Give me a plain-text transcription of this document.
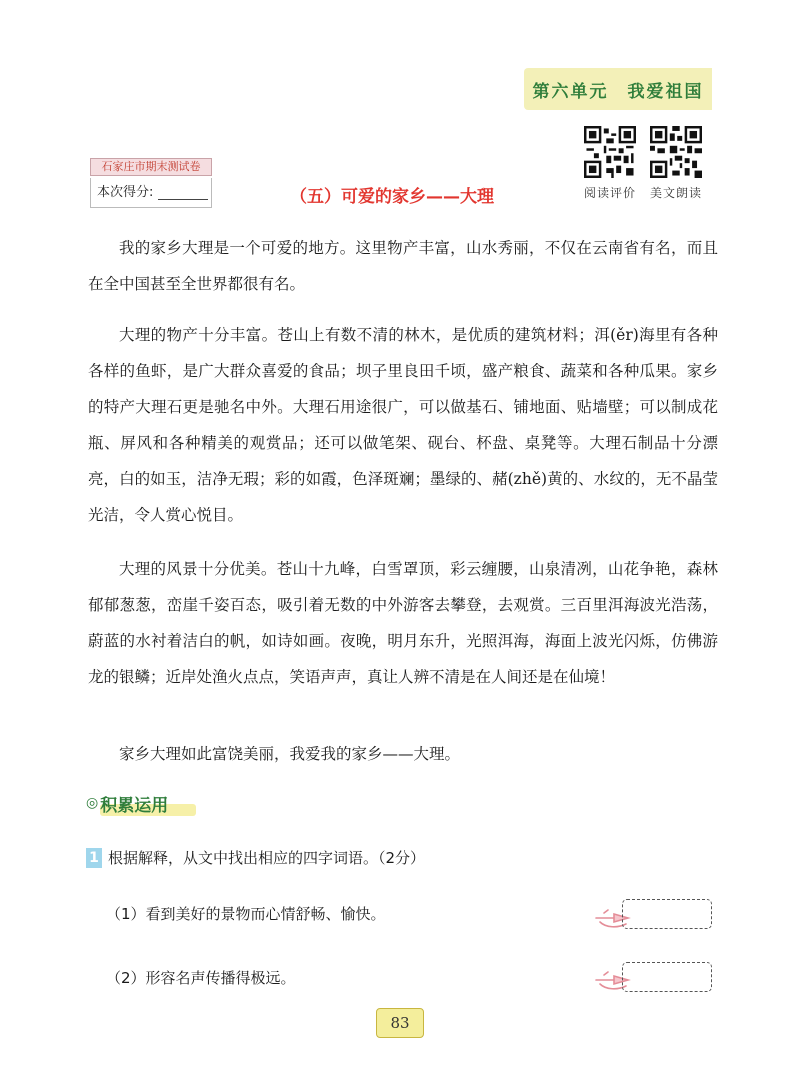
第六单元　我爱祖国
阅读评价 美文朗读
石家庄市期末测试卷
本次得分:	（五）可爱的家乡——大理

我的家乡大理是一个可爱的地方。这里物产丰富，山水秀丽，不仅在云南省有名，而且在全中国甚至全世界都很有名。

大理的物产十分丰富。苍山上有数不清的林木，是优质的建筑材料；洱(ěr)海里有各种各样的鱼虾，是广大群众喜爱的食品；坝子里良田千顷，盛产粮食、蔬菜和各种瓜果。家乡的特产大理石更是驰名中外。大理石用途很广，可以做基石、铺地面、贴墙壁；可以制成花瓶、屏风和各种精美的观赏品；还可以做笔架、砚台、杯盘、桌凳等。大理石制品十分漂亮，白的如玉，洁净无瑕；彩的如霞，色泽斑斓；墨绿的、赭(zhě)黄的、水纹的，无不晶莹光洁，令人赏心悦目。

大理的风景十分优美。苍山十九峰，白雪罩顶，彩云缠腰，山泉清冽，山花争艳，森林郁郁葱葱，峦崖千姿百态，吸引着无数的中外游客去攀登，去观赏。三百里洱海波光浩荡，蔚蓝的水衬着洁白的帆，如诗如画。夜晚，明月东升，光照洱海，海面上波光闪烁，仿佛游龙的银鳞；近岸处渔火点点，笑语声声，真让人辨不清是在人间还是在仙境！

家乡大理如此富饶美丽，我爱我的家乡——大理。

◎ 积累运用
1 根据解释，从文中找出相应的四字词语。（2分）
（1）看到美好的景物而心情舒畅、愉快。
（2）形容名声传播得极远。
83
